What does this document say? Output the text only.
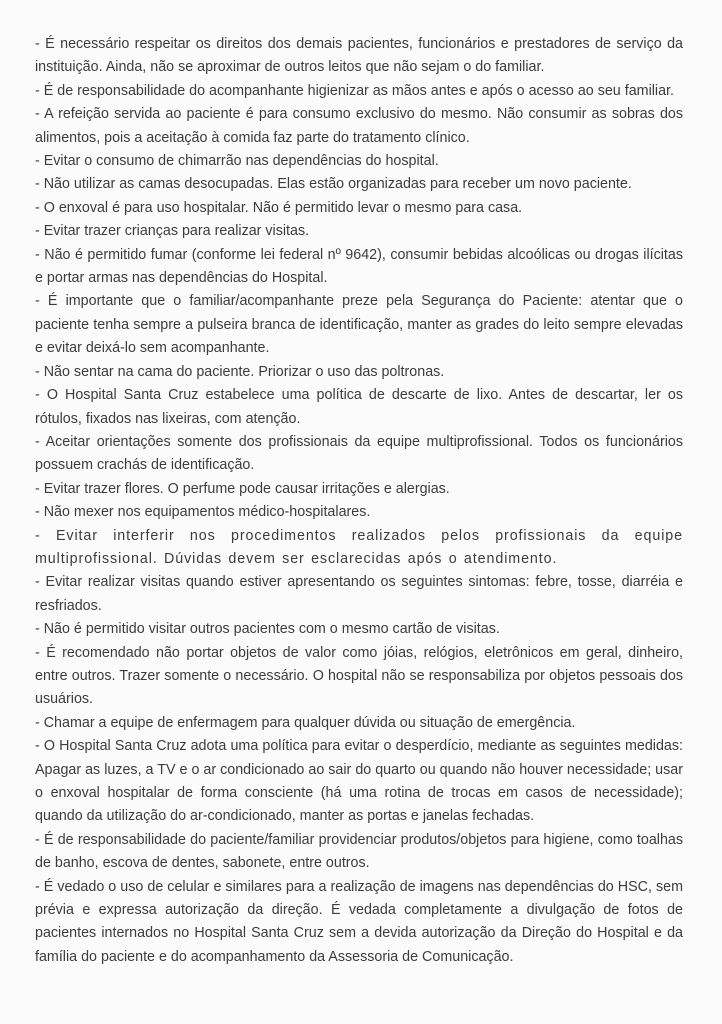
- É necessário respeitar os direitos dos demais pacientes, funcionários e prestadores de serviço da instituição. Ainda, não se aproximar de outros leitos que não sejam o do familiar.

- É de responsabilidade do acompanhante higienizar as mãos antes e após o acesso ao seu familiar.

- A refeição servida ao paciente é para consumo exclusivo do mesmo. Não consumir as sobras dos alimentos, pois a aceitação à comida faz parte do tratamento clínico.

- Evitar o consumo de chimarrão nas dependências do hospital.

- Não utilizar as camas desocupadas. Elas estão organizadas para receber um novo paciente.

- O enxoval é para uso hospitalar. Não é permitido levar o mesmo para casa.

- Evitar trazer crianças para realizar visitas.

- Não é permitido fumar (conforme lei federal nº 9642), consumir bebidas alcoólicas ou drogas ilícitas e portar armas nas dependências do Hospital.

- É importante que o familiar/acompanhante preze pela Segurança do Paciente: atentar que o paciente tenha sempre a pulseira branca de identificação, manter as grades do leito sempre elevadas e evitar deixá-lo sem acompanhante.

- Não sentar na cama do paciente. Priorizar o uso das poltronas.

- O Hospital Santa Cruz estabelece uma política de descarte de lixo. Antes de descartar, ler os rótulos, fixados nas lixeiras, com atenção.

- Aceitar orientações somente dos profissionais da equipe multiprofissional. Todos os funcionários possuem crachás de identificação.

- Evitar trazer flores. O perfume pode causar irritações e alergias.

- Não mexer nos equipamentos médico-hospitalares.

- Evitar interferir nos procedimentos realizados pelos profissionais da equipe multiprofissional. Dúvidas devem ser esclarecidas após o atendimento.

- Evitar realizar visitas quando estiver apresentando os seguintes sintomas: febre, tosse, diarréia e resfriados.

- Não é permitido visitar outros pacientes com o mesmo cartão de visitas.

- É recomendado não portar objetos de valor como jóias, relógios, eletrônicos em geral, dinheiro, entre outros. Trazer somente o necessário. O hospital não se responsabiliza por objetos pessoais dos usuários.

- Chamar a equipe de enfermagem para qualquer dúvida ou situação de emergência.

- O Hospital Santa Cruz adota uma política para evitar o desperdício, mediante as seguintes medidas: Apagar as luzes, a TV e o ar condicionado ao sair do quarto ou quando não houver necessidade; usar o enxoval hospitalar de forma consciente (há uma rotina de trocas em casos de necessidade); quando da utilização do ar-condicionado, manter as portas e janelas fechadas.

- É de responsabilidade do paciente/familiar providenciar produtos/objetos para higiene, como toalhas de banho, escova de dentes, sabonete, entre outros.

- É vedado o uso de celular e similares para a realização de imagens nas dependências do HSC, sem prévia e expressa autorização da direção. É vedada completamente a divulgação de fotos de pacientes internados no Hospital Santa Cruz sem a devida autorização da Direção do Hospital e da família do paciente e do acompanhamento da Assessoria de Comunicação.
